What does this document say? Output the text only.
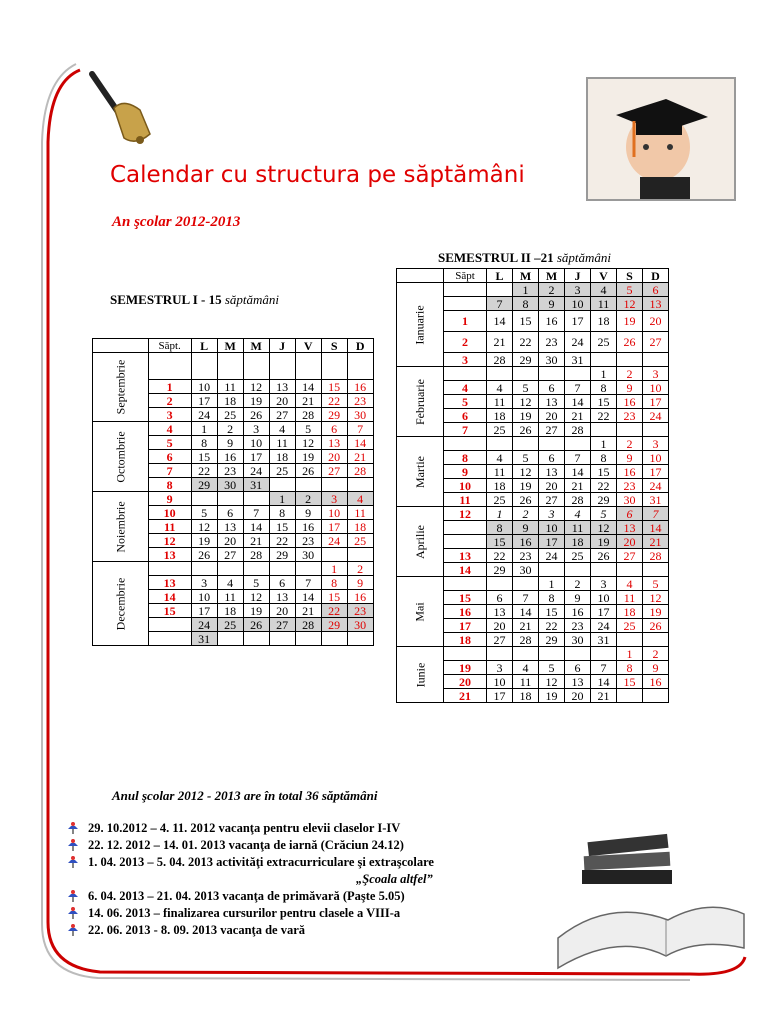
Calendar cu structura pe săptămâni
An şcolar 2012-2013
SEMESTRUL I - 15 săptămâni
SEMESTRUL II –21 săptămâni
	Săpt.	L	M	M	J	V	S	D
Septembrie								
	1	10	11	12	13	14	15	16
	2	17	18	19	20	21	22	23
	3	24	25	26	27	28	29	30
Octombrie	4	1	2	3	4	5	6	7
	5	8	9	10	11	12	13	14
	6	15	16	17	18	19	20	21
	7	22	23	24	25	26	27	28
	8	29	30	31				
Noiembrie	9				1	2	3	4
	10	5	6	7	8	9	10	11
	11	12	13	14	15	16	17	18
	12	19	20	21	22	23	24	25
	13	26	27	28	29	30		
Decembrie							1	2
	13	3	4	5	6	7	8	9
	14	10	11	12	13	14	15	16
	15	17	18	19	20	21	22	23
		24	25	26	27	28	29	30
		31						
	Săpt	L	M	M	J	V	S	D
Ianuarie			1	2	3	4	5	6
		7	8	9	10	11	12	13
	1	14	15	16	17	18	19	20
	2	21	22	23	24	25	26	27
	3	28	29	30	31			
Februarie						1	2	3
	4	4	5	6	7	8	9	10
	5	11	12	13	14	15	16	17
	6	18	19	20	21	22	23	24
	7	25	26	27	28			
Martie						1	2	3
	8	4	5	6	7	8	9	10
	9	11	12	13	14	15	16	17
	10	18	19	20	21	22	23	24
	11	25	26	27	28	29	30	31
Aprilie	12	1	2	3	4	5	6	7
		8	9	10	11	12	13	14
		15	16	17	18	19	20	21
	13	22	23	24	25	26	27	28
	14	29	30					
Mai				1	2	3	4	5
	15	6	7	8	9	10	11	12
	16	13	14	15	16	17	18	19
	17	20	21	22	23	24	25	26
	18	27	28	29	30	31		
Iunie							1	2
	19	3	4	5	6	7	8	9
	20	10	11	12	13	14	15	16
	21	17	18	19	20	21		
Anul şcolar 2012 - 2013 are în total 36 săptămâni
29. 10.2012 – 4. 11. 2012 vacanţa pentru elevii claselor I-IV
22. 12. 2012 – 14. 01. 2013 vacanţa de iarnă (Crăciun 24.12)
1. 04. 2013 – 5. 04. 2013 activităţi extracurriculare şi extraşcolare
„Şcoala altfel”
6. 04. 2013 – 21. 04. 2013 vacanţa de primăvară (Paşte 5.05)
14. 06. 2013 – finalizarea cursurilor pentru clasele a VIII-a
22. 06. 2013 - 8. 09. 2013 vacanţa de vară
